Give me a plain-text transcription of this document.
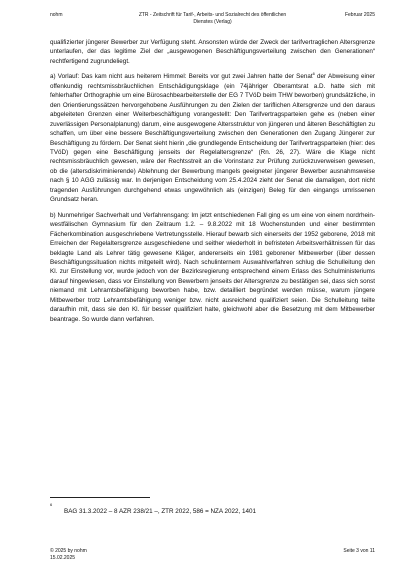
nohm	ZTR - Zeitschrift für Tarif-, Arbeits- und Sozialrecht des öffentlichen
Dienstes (Verlag)
Februar 2025

qualifizierter jüngerer Bewerber zur Verfügung steht. Ansonsten würde der Zweck der tarifvertraglichen Altersgrenze unterlaufen, der das legitime Ziel der „ausgewogenen Beschäftigungsverteilung zwischen den Generationen“ rechtfertigend zugrundeliegt.

a) Vorlauf: Das kam nicht aus heiterem Himmel: Bereits vor gut zwei Jahren hatte der Senat$^6$ der Abweisung einer offenkundig rechtsmissbräuchlichen Entschädigungsklage (ein 74jähriger Oberamtsrat a.D. hatte sich mit fehlerhafter Orthographie um eine Bürosachbearbeiterstelle der EG 7 TVöD beim THW beworben) grundsätzliche, in den Orientierungssätzen hervorgehobene Ausführungen zu den Zielen der tariflichen Altersgrenze und den daraus abgeleiteten Grenzen einer Weiterbeschäftigung vorangestellt: Den Tarifvertragsparteien gehe es (neben einer zuverlässigen Personalplanung) darum, eine ausgewogene Altersstruktur von jüngeren und älteren Beschäftigten zu schaffen, um über eine bessere Beschäftigungsverteilung zwischen den Generationen den Zugang Jüngerer zur Beschäftigung zu fördern. Der Senat sieht hierin „die grundlegende Entscheidung der Tarifvertragsparteien (hier: des TVöD) gegen eine Beschäftigung jenseits der Regelaltersgrenze“ (Rn. 26, 27). Wäre die Klage nicht rechtsmissbräuchlich gewesen, wäre der Rechtsstreit an die Vorinstanz zur Prüfung zurückzuverweisen gewesen, ob die (altersdiskriminierende) Ablehnung der Bewerbung mangels geeigneter jüngerer Bewerber ausnahmsweise nach § 10 AGG zulässig war. In derjenigen Entscheidung vom 25.4.2024 zieht der Senat die damaligen, dort nicht tragenden Ausführungen durchgehend etwas ungewöhnlich als (einzigen) Beleg für den eingangs umrissenen Grundsatz heran.

b) Nunmehriger Sachverhalt und Verfahrensgang: Im jetzt entschiedenen Fall ging es um eine von einem nordrhein-westfälischen Gymnasium für den Zeitraum 1.2. – 9.8.2022 mit 18 Wochenstunden und einer bestimmten Fächerkombination ausgeschriebene Vertretungsstelle. Hierauf bewarb sich einerseits der 1952 geborene, 2018 mit Erreichen der Regelaltersgrenze ausgeschiedene und seither wiederholt in befristeten Arbeitsverhältnissen für das beklagte Land als Lehrer tätig gewesene Kläger, andererseits ein 1981 geborener Mitbewerber (über dessen Beschäftigungssituation nichts mitgeteilt wird). Nach schulinternem Auswahlverfahren schlug die Schulleitung den Kl. zur Einstellung vor, wurde jedoch von der Bezirksregierung entsprechend einem Erlass des Schulministeriums darauf hingewiesen, dass vor Einstellung von Bewerbern jenseits der Altersgrenze zu bestätigen sei, dass sich sonst niemand mit Lehramtsbefähigung beworben habe, bzw. detailliert begründet werden müsse, warum jüngere Mitbewerber trotz Lehramtsbefähigung weniger bzw. nicht ausreichend qualifiziert seien. Die Schulleitung teilte daraufhin mit, dass sie den Kl. für besser qualifiziert halte, gleichwohl aber die Besetzung mit dem Mitbewerber beantrage. So wurde dann verfahren.

6
BAG 31.3.2022 – 8 AZR 238/21 –, ZTR 2022, 586 = NZA 2022, 1401
© 2025 by nohm
15.02.2025
Seite 3 von 11
